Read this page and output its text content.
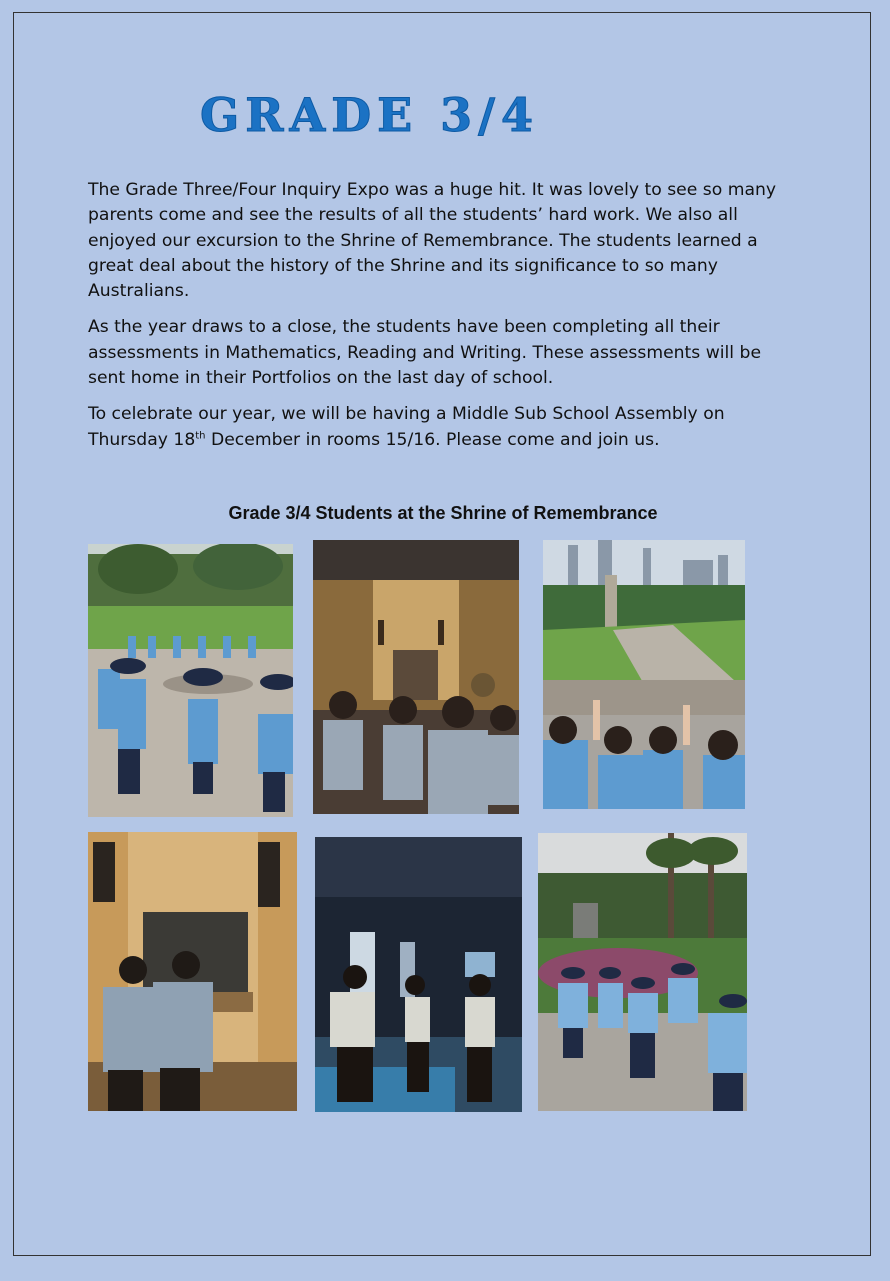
GRADE 3/4

The Grade Three/Four Inquiry Expo was a huge hit. It was lovely to see so many parents come and see the results of all the students’ hard work. We also all enjoyed our excursion to the Shrine of Remembrance. The students learned a great deal about the history of the Shrine and its significance to so many Australians.

As the year draws to a close, the students have been completing all their assessments in Mathematics, Reading and Writing. These assessments will be sent home in their Portfolios on the last day of school.

To celebrate our year, we will be having a Middle Sub School Assembly on Thursday 18th December in rooms 15/16. Please come and join us.

Grade 3/4 Students at the Shrine of Remembrance
